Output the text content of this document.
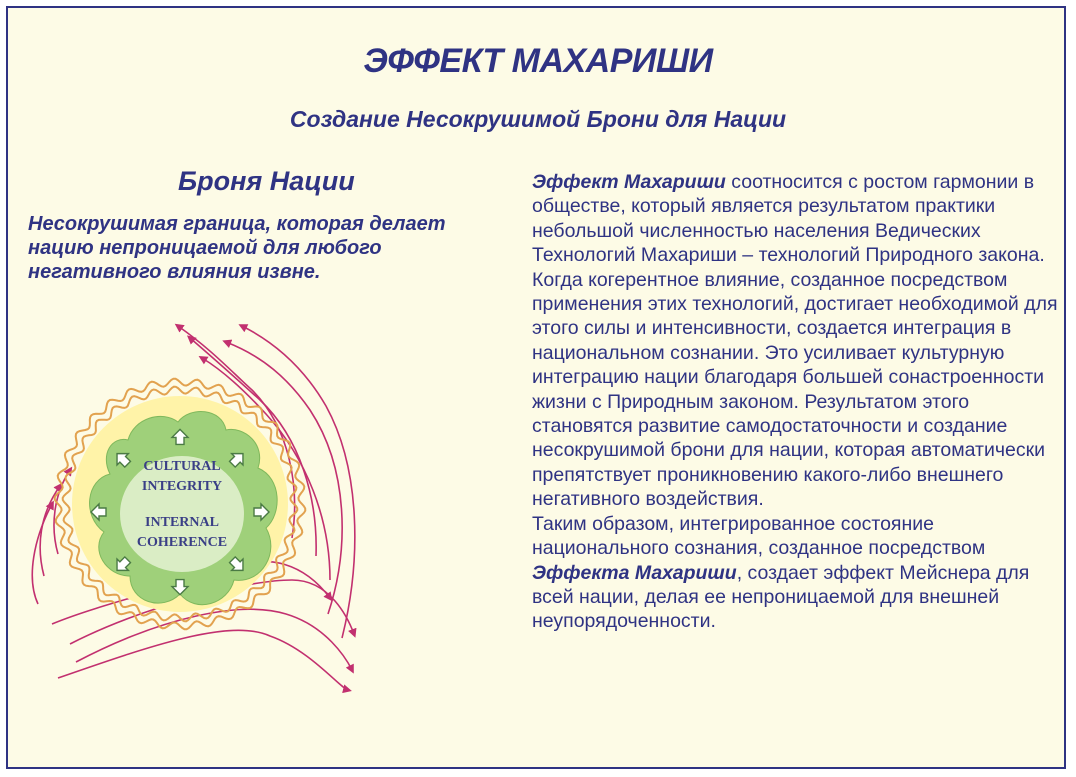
ЭФФЕКТ МАХАРИШИ
Создание Несокрушимой Брони для Нации
Броня Нации
Несокрушимая граница, которая делает нацию непроницаемой для любого негативного влияния извне.

Эффект Махариши соотносится с ростом гармонии в обществе, который является результатом практики небольшой численностью населения Ведических Технологий Махариши – технологий Природного закона. Когда когерентное влияние, созданное посредством применения этих технологий, достигает необходимой для этого силы и интенсивности, создается интеграция в национальном сознании. Это усиливает культурную интеграцию нации благодаря большей сонастроенности жизни с Природным законом. Результатом этого становятся развитие самодостаточности и создание несокрушимой брони для нации, которая автоматически препятствует проникновению какого-либо внешнего негативного воздействия.

Таким образом, интегрированное состояние национального сознания, созданное посредством Эффекта Махариши, создает эффект Мейснера для всей нации, делая ее непроницаемой для внешней неупорядоченности.

CULTURAL
INTEGRITY
INTERNAL
COHERENCE
